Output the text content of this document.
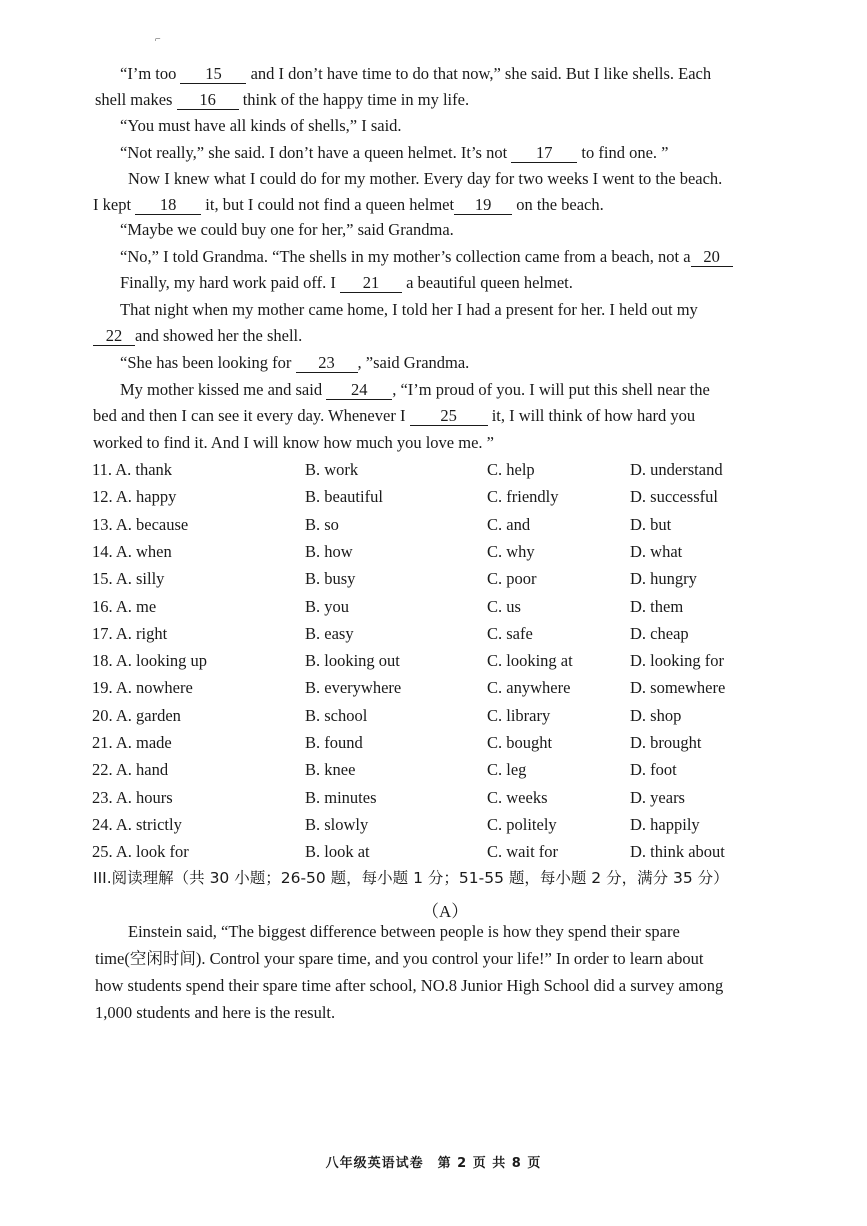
⌐
“I’m too 15 and I don’t have time to do that now,” she said. But I like shells. Each
shell makes 16 think of the happy time in my life.
“You must have all kinds of shells,” I said.
“Not really,” she said. I don’t have a queen helmet. It’s not 17 to find one. ”
Now I knew what I could do for my mother. Every day for two weeks I went to the beach.
I kept 18 it, but I could not find a queen helmet 19 on the beach.
“Maybe we could buy one for her,” said Grandma.
“No,” I told Grandma. “The shells in my mother’s collection came from a beach, not a 20
Finally, my hard work paid off. I 21 a beautiful queen helmet.
That night when my mother came home, I told her I had a present for her. I held out my
22 and showed her the shell.
“She has been looking for 23 , ”said Grandma.
My mother kissed me and said 24 , “I’m proud of you. I will put this shell near the
bed and then I can see it every day. Whenever I 25 it, I will think of how hard you
worked to find it. And I will know how much you love me. ”
11. A. thank	B. work	C. help	D. understand
12. A. happy	B. beautiful	C. friendly	D. successful
13. A. because	B. so	C. and	D. but
14. A. when	B. how	C. why	D. what
15. A. silly	B. busy	C. poor	D. hungry
16. A. me	B. you	C. us	D. them
17. A. right	B. easy	C. safe	D. cheap
18. A. looking up	B. looking out	C. looking at	D. looking for
19. A. nowhere	B. everywhere	C. anywhere	D. somewhere
20. A. garden	B. school	C. library	D. shop
21. A. made	B. found	C. bought	D. brought
22. A. hand	B. knee	C. leg	D. foot
23. A. hours	B. minutes	C. weeks	D. years
24. A. strictly	B. slowly	C. politely	D. happily
25. A. look for	B. look at	C. wait for	D. think about
III.阅读理解（共 30 小题；26-50 题，每小题 1 分；51-55 题，每小题 2 分，满分 35 分）
（A）
Einstein said, “The biggest difference between people is how they spend their spare
time(空闲时间). Control your spare time, and you control your life!” In order to learn about
how students spend their spare time after school, NO.8 Junior High School did a survey among
1,000 students and here is the result.
八年级英语试卷　第 2 页 共 8 页
